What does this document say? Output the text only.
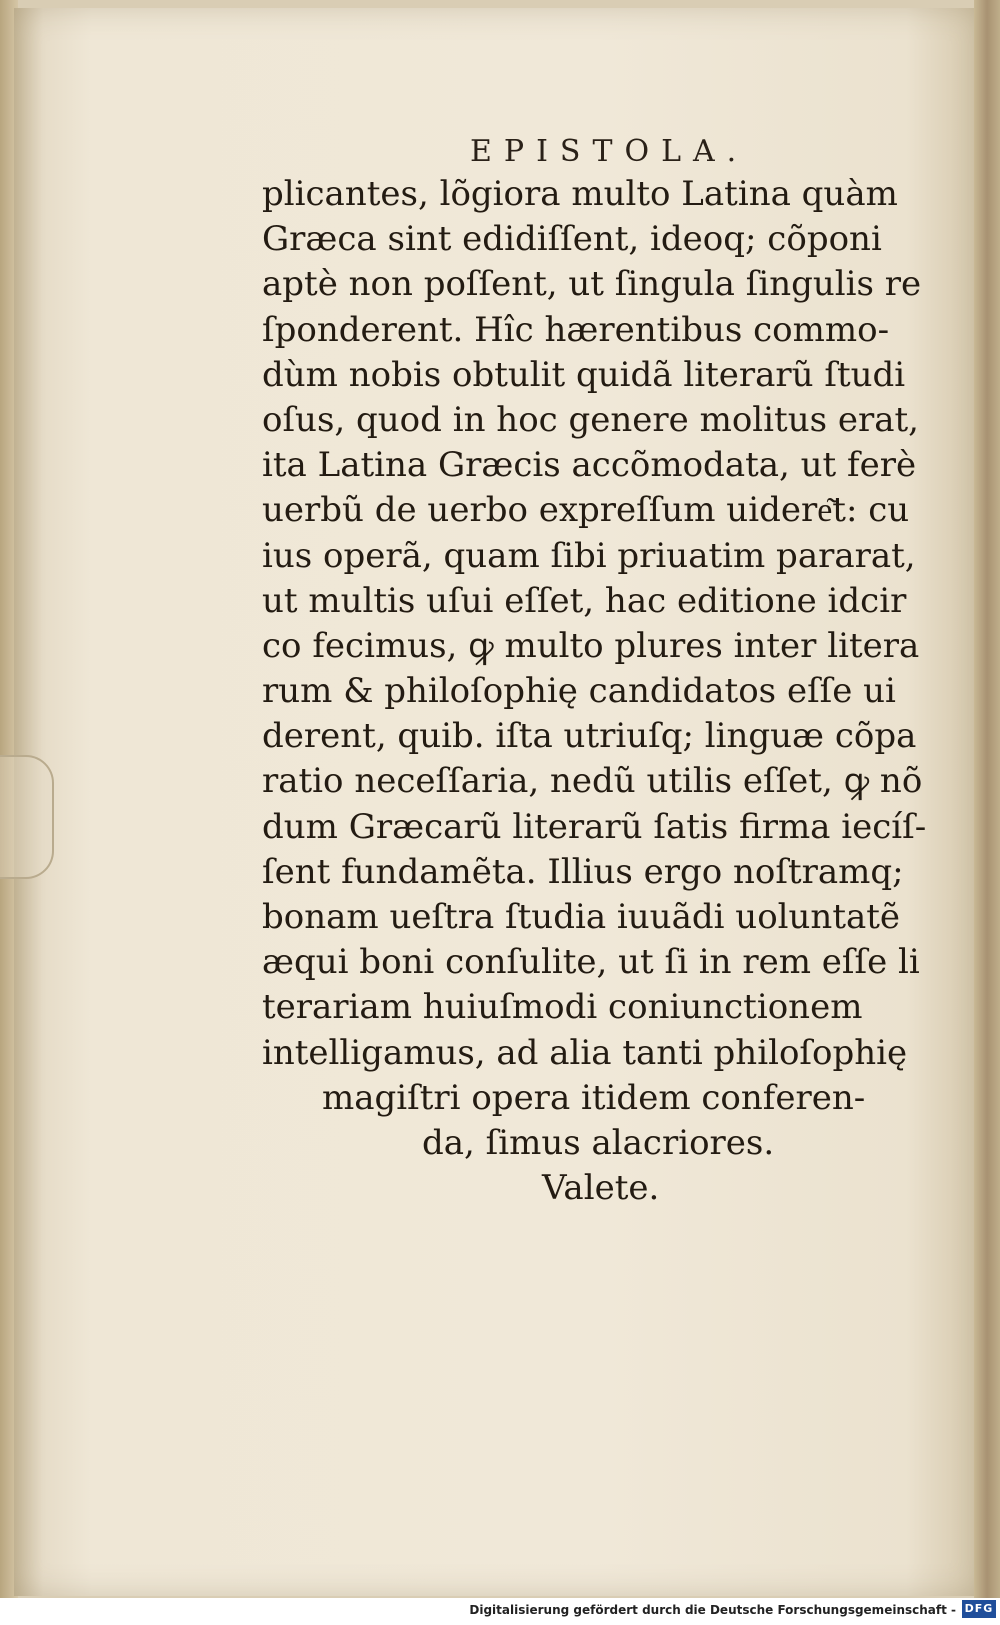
EPISTOLA.
plicantes, lõgiora multo Latina quàm
Græca sint edidiſſent, ideoq; cõponi
aptè non poſſent, ut ſingula ſingulis re
ſponderent. Hîc hærentibus commo-
dùm nobis obtulit quidã literarũ ſtudi
oſus, quod in hoc genere molitus erat,
ita Latina Græcis accõmodata, ut ferè
uerbũ de uerbo expreſſum uidere͂t: cu
ius operã, quam ſibi priuatim pararat,
ut multis uſui eſſet, hac editione idcir
co fecimus, ꝙ multo plures inter litera
rum & philoſophię candidatos eſſe ui
derent, quib. iſta utriuſq; linguæ cõpa
ratio neceſſaria, nedũ utilis eſſet, ꝙ nõ
dum Græcarũ literarũ ſatis firma iecíſ-
ſent fundamẽta. Illius ergo noſtramq;
bonam ueſtra ſtudia iuuãdi uoluntatẽ
æqui boni conſulite, ut ſi in rem eſſe li
terariam huiuſmodi coniunctionem
intelligamus, ad alia tanti philoſophię
magiſtri opera itidem conferen-
da, ſimus alacriores.
Valete.
Digitalisierung gefördert durch die Deutsche Forschungsgemeinschaft - DFG
